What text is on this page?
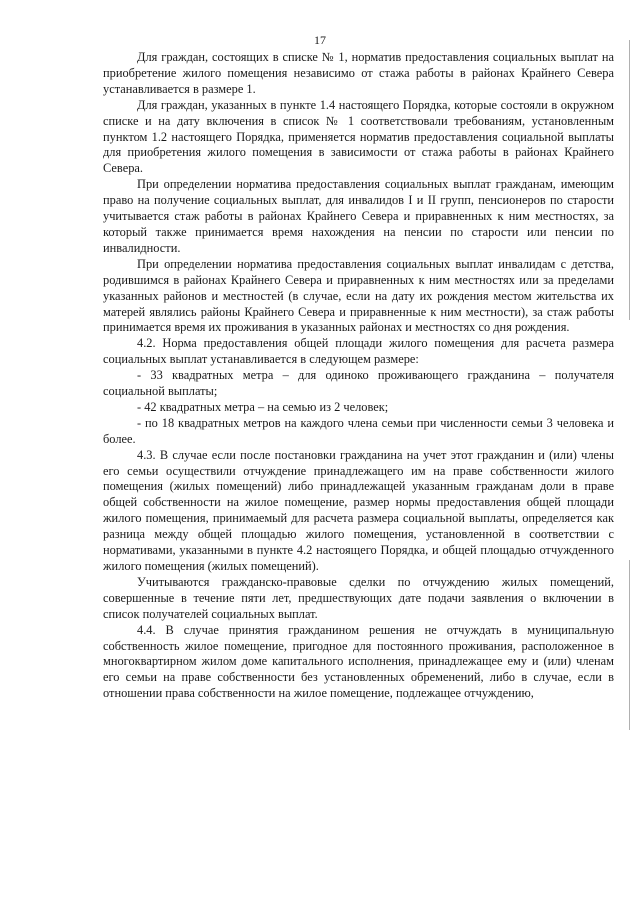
17

Для граждан, состоящих в списке № 1, норматив предоставления социальных выплат на приобретение жилого помещения независимо от стажа работы в районах Крайнего Севера устанавливается в размере 1.

Для граждан, указанных в пункте 1.4 настоящего Порядка, которые состояли в окружном списке и на дату включения в список № 1 соответствовали требованиям, установленным пунктом 1.2 настоящего Порядка, применяется норматив предоставления социальной выплаты для приобретения жилого помещения в зависимости от стажа работы в районах Крайнего Севера.

При определении норматива предоставления социальных выплат гражданам, имеющим право на получение социальных выплат, для инвалидов I и II групп, пенсионеров по старости учитывается стаж работы в районах Крайнего Севера и приравненных к ним местностях, за который также принимается время нахождения на пенсии по старости или пенсии по инвалидности.

При определении норматива предоставления социальных выплат инвалидам с детства, родившимся в районах Крайнего Севера и приравненных к ним местностях или за пределами указанных районов и местностей (в случае, если на дату их рождения местом жительства их матерей являлись районы Крайнего Севера и приравненные к ним местности), за стаж работы принимается время их проживания в указанных районах и местностях со дня рождения.

4.2. Норма предоставления общей площади жилого помещения для расчета размера социальных выплат устанавливается в следующем размере:

- 33 квадратных метра – для одиноко проживающего гражданина – получателя социальной выплаты;

- 42 квадратных метра – на семью из 2 человек;

- по 18 квадратных метров на каждого члена семьи при численности семьи 3 человека и более.

4.3. В случае если после постановки гражданина на учет этот гражданин и (или) члены его семьи осуществили отчуждение принадлежащего им на праве собственности жилого помещения (жилых помещений) либо принадлежащей указанным гражданам доли в праве общей собственности на жилое помещение, размер нормы предоставления общей площади жилого помещения, принимаемый для расчета размера социальной выплаты, определяется как разница между общей площадью жилого помещения, установленной в соответствии с нормативами, указанными в пункте 4.2 настоящего Порядка, и общей площадью отчужденного жилого помещения (жилых помещений).

Учитываются гражданско-правовые сделки по отчуждению жилых помещений, совершенные в течение пяти лет, предшествующих дате подачи заявления о включении в список получателей социальных выплат.

4.4. В случае принятия гражданином решения не отчуждать в муниципальную собственность жилое помещение, пригодное для постоянного проживания, расположенное в многоквартирном жилом доме капитального исполнения, принадлежащее ему и (или) членам его семьи на праве собственности без установленных обременений, либо в случае, если в отношении права собственности на жилое помещение, подлежащее отчуждению,
